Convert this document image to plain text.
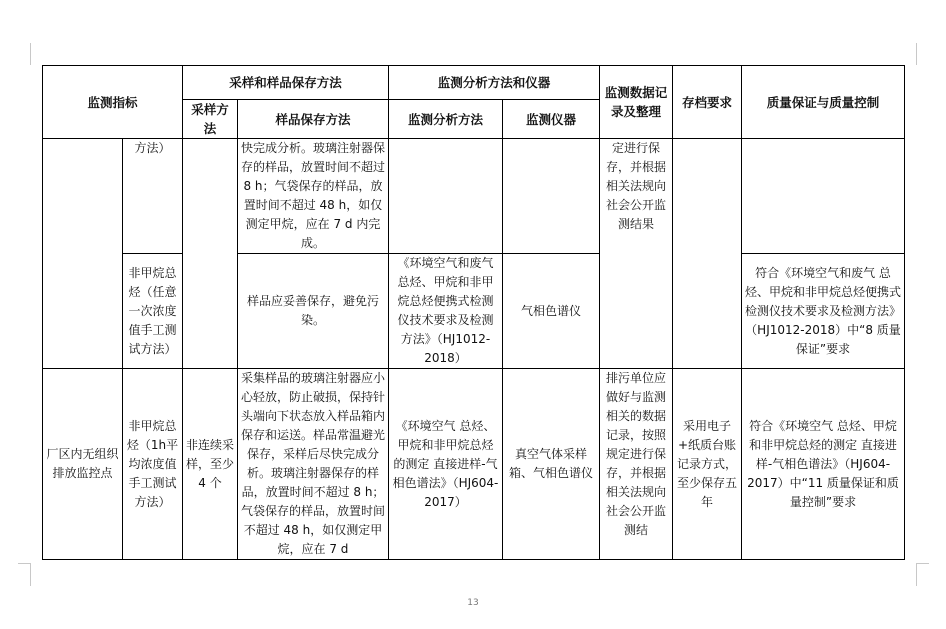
监测指标		采样和样品保存方法		监测分析方法和仪器		监测数据记录及整理	存档要求	质量保证与质量控制
		采样方法	样品保存方法	监测分析方法	监测仪器			
	方法）		快完成分析。玻璃注射器保存的样品，放置时间不超过 8 h；气袋保存的样品，放置时间不超过 48 h，如仅测定甲烷，应在 7 d 内完成。			定进行保存，并根据相关法规向社会公开监测结果		
	非甲烷总烃（任意一次浓度值手工测试方法）		样品应妥善保存，避免污染。	《环境空气和废气 总烃、甲烷和非甲烷总烃便携式检测仪技术要求及检测方法》（HJ1012-2018）	气相色谱仪			符合《环境空气和废气 总烃、甲烷和非甲烷总烃便携式检测仪技术要求及检测方法》（HJ1012-2018）中“8 质量保证”要求
厂区内无组织排放监控点	非甲烷总烃（1h平均浓度值手工测试方法）	非连续采样，至少 4 个	采集样品的玻璃注射器应小心轻放，防止破损，保持针头端向下状态放入样品箱内保存和运送。样品常温避光保存，采样后尽快完成分析。玻璃注射器保存的样品，放置时间不超过 8 h；气袋保存的样品，放置时间不超过 48 h，如仅测定甲烷，应在 7 d	《环境空气 总烃、甲烷和非甲烷总烃的测定 直接进样-气相色谱法》（HJ604-2017）	真空气体采样箱、气相色谱仪	排污单位应做好与监测相关的数据记录，按照规定进行保存，并根据相关法规向社会公开监测结	采用电子+纸质台账记录方式，至少保存五年	符合《环境空气 总烃、甲烷和非甲烷总烃的测定 直接进样-气相色谱法》（HJ604-2017）中“11 质量保证和质量控制”要求
13
